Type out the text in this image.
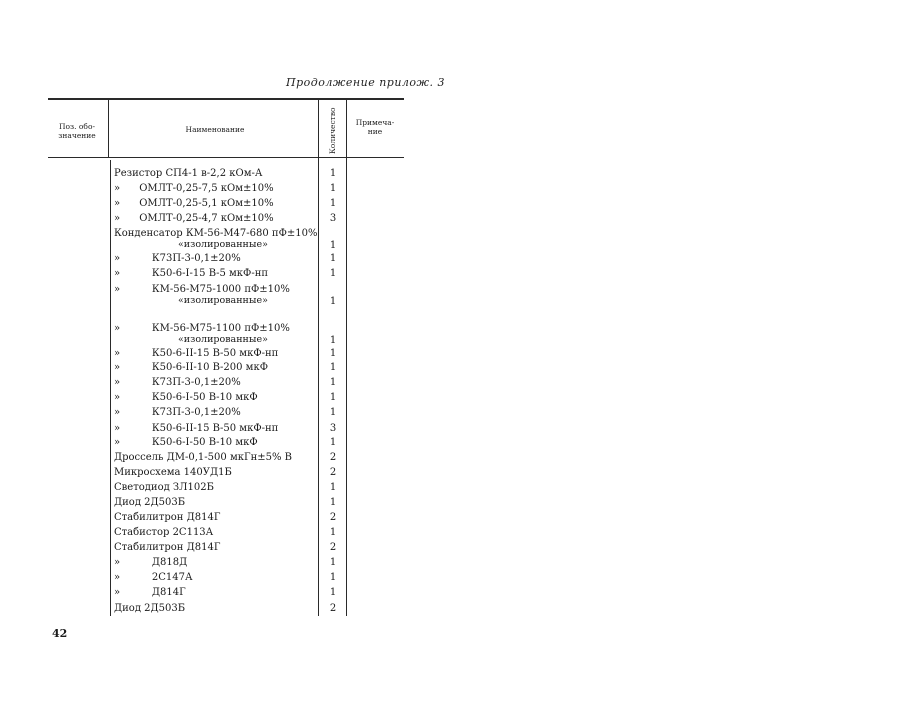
Продолжение прилож. 3
Поз. обо- значение
Наименование	Количество	Примеча- ние
Резистор СП4-1 в-2,2 кОм-А	1
»      ОМЛТ-0,25-7,5 кОм±10%	1
»      ОМЛТ-0,25-5,1 кОм±10%	1
»      ОМЛТ-0,25-4,7 кОм±10%	3
Конденсатор КМ-56-М47-680 пФ±10%
«изолированные»	1
»          К73П-3-0,1±20%	1
»          К50-6-I-15 В-5 мкФ-нп	1
»          КМ-56-М75-1000 пФ±10%
«изолированные»	1
»          КМ-56-М75-1100 пФ±10%
«изолированные»	1
»          К50-6-II-15 В-50 мкФ-нп	1
»          К50-6-II-10 В-200 мкФ	1
»          К73П-3-0,1±20%	1
»          К50-6-I-50 В-10 мкФ	1
»          К73П-3-0,1±20%	1
»          К50-6-II-15 В-50 мкФ-нп	3
»          К50-6-I-50 В-10 мкФ	1
Дроссель ДМ-0,1-500 мкГн±5% В	2
Микросхема 140УД1Б	2
Светодиод ЗЛ102Б	1
Диод 2Д503Б	1
Стабилитрон Д814Г	2
Стабистор 2С113А	1
Стабилитрон Д814Г	2
»          Д818Д	1
»          2С147А	1
»          Д814Г	1
Диод 2Д503Б	2
42
